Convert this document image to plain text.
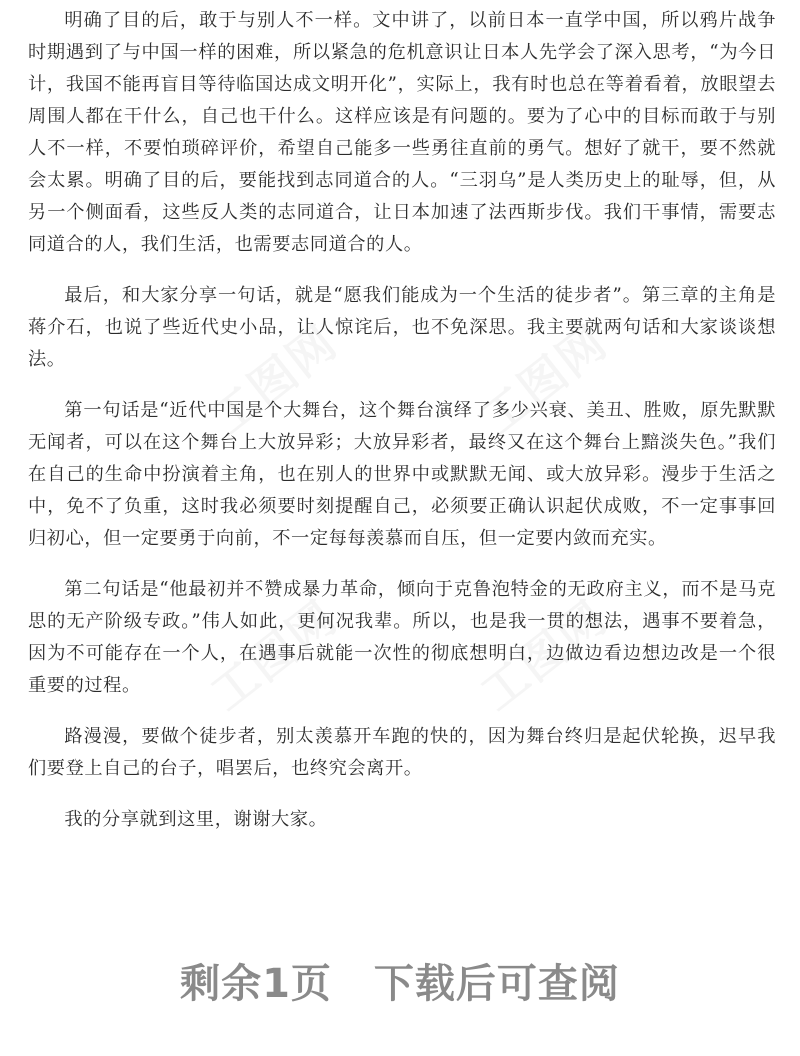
工图网	工图网
工图网	工图网

明确了目的后，敢于与别人不一样。文中讲了，以前日本一直学中国，所以鸦片战争时期遇到了与中国一样的困难，所以紧急的危机意识让日本人先学会了深入思考，“为今日计，我国不能再盲目等待临国达成文明开化”，实际上，我有时也总在等着看着，放眼望去周围人都在干什么，自己也干什么。这样应该是有问题的。要为了心中的目标而敢于与别人不一样，不要怕琐碎评价，希望自己能多一些勇往直前的勇气。想好了就干，要不然就会太累。明确了目的后，要能找到志同道合的人。“三羽乌”是人类历史上的耻辱，但，从另一个侧面看，这些反人类的志同道合，让日本加速了法西斯步伐。我们干事情，需要志同道合的人，我们生活，也需要志同道合的人。

最后，和大家分享一句话，就是“愿我们能成为一个生活的徒步者”。第三章的主角是蒋介石，也说了些近代史小品，让人惊诧后，也不免深思。我主要就两句话和大家谈谈想法。

第一句话是“近代中国是个大舞台，这个舞台演绎了多少兴衰、美丑、胜败，原先默默无闻者，可以在这个舞台上大放异彩；大放异彩者，最终又在这个舞台上黯淡失色。”我们在自己的生命中扮演着主角，也在别人的世界中或默默无闻、或大放异彩。漫步于生活之中，免不了负重，这时我必须要时刻提醒自己，必须要正确认识起伏成败，不一定事事回归初心，但一定要勇于向前，不一定每每羡慕而自压，但一定要内敛而充实。

第二句话是“他最初并不赞成暴力革命，倾向于克鲁泡特金的无政府主义，而不是马克思的无产阶级专政。”伟人如此，更何况我辈。所以，也是我一贯的想法，遇事不要着急，因为不可能存在一个人，在遇事后就能一次性的彻底想明白，边做边看边想边改是一个很重要的过程。

路漫漫，要做个徒步者，别太羡慕开车跑的快的，因为舞台终归是起伏轮换，迟早我们要登上自己的台子，唱罢后，也终究会离开。

我的分享就到这里，谢谢大家。

剩余1页 下载后可查阅
